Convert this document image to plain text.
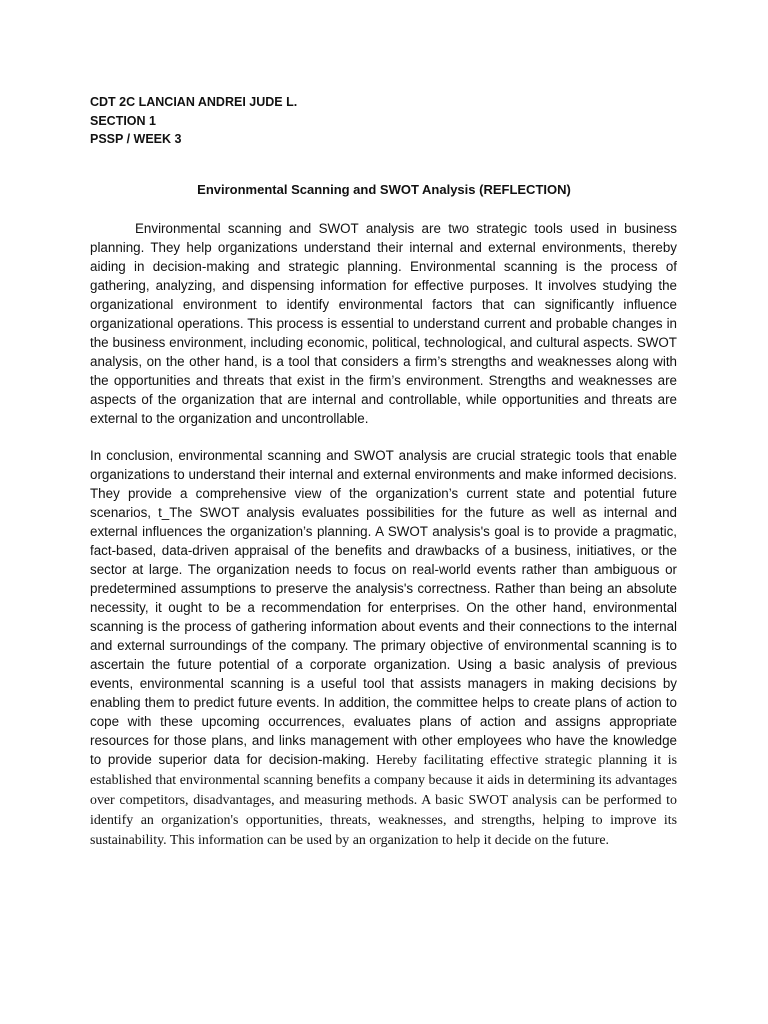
CDT 2C LANCIAN ANDREI JUDE L.
SECTION 1
PSSP / WEEK 3
Environmental Scanning and SWOT Analysis (REFLECTION)
Environmental scanning and SWOT analysis are two strategic tools used in business planning. They help organizations understand their internal and external environments, thereby aiding in decision-making and strategic planning. Environmental scanning is the process of gathering, analyzing, and dispensing information for effective purposes. It involves studying the organizational environment to identify environmental factors that can significantly influence organizational operations. This process is essential to understand current and probable changes in the business environment, including economic, political, technological, and cultural aspects. SWOT analysis, on the other hand, is a tool that considers a firm’s strengths and weaknesses along with the opportunities and threats that exist in the firm’s environment. Strengths and weaknesses are aspects of the organization that are internal and controllable, while opportunities and threats are external to the organization and uncontrollable.
In conclusion, environmental scanning and SWOT analysis are crucial strategic tools that enable organizations to understand their internal and external environments and make informed decisions. They provide a comprehensive view of the organization’s current state and potential future scenarios, t_The SWOT analysis evaluates possibilities for the future as well as internal and external influences the organization’s planning. A SWOT analysis's goal is to provide a pragmatic, fact-based, data-driven appraisal of the benefits and drawbacks of a business, initiatives, or the sector at large. The organization needs to focus on real-world events rather than ambiguous or predetermined assumptions to preserve the analysis's correctness. Rather than being an absolute necessity, it ought to be a recommendation for enterprises. On the other hand, environmental scanning is the process of gathering information about events and their connections to the internal and external surroundings of the company. The primary objective of environmental scanning is to ascertain the future potential of a corporate organization. Using a basic analysis of previous events, environmental scanning is a useful tool that assists managers in making decisions by enabling them to predict future events. In addition, the committee helps to create plans of action to cope with these upcoming occurrences, evaluates plans of action and assigns appropriate resources for those plans, and links management with other employees who have the knowledge to provide superior data for decision-making. Hereby facilitating effective strategic planning it is established that environmental scanning benefits a company because it aids in determining its advantages over competitors, disadvantages, and measuring methods. A basic SWOT analysis can be performed to identify an organization's opportunities, threats, weaknesses, and strengths, helping to improve its sustainability. This information can be used by an organization to help it decide on the future.
